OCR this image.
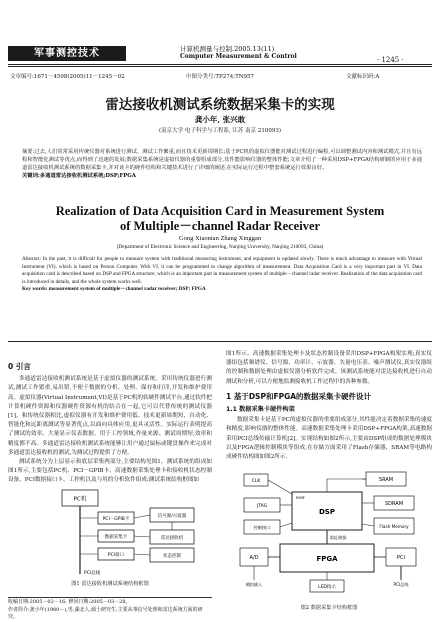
军事测控技术	计算机测量与控制.2005.13(11)
Computer Measurement & Control	· 1245 ·
文章编号:1671－4598(2005)11－1245－02	中图分类号:TP274;TN957	文献标识码:A
雷达接收机测试系统数据采集卡的实现
龚小年, 张兴敢
(南京大学 电子科学与工程系, 江苏 南京 210093)
摘要:过去,人们常常采用传统仪器对系统进行测试、测试工作繁重,而且技术更新周期长;基于PC机的虚拟仪器能对测试过程进行编程,可以调整测试内容和测试模式,并且有远程和智能化测试等优点,而得到了迅速的发展;数据采集系统是虚拟仪器的重要组成部分,其性能影响仪器的整体性能;文章介绍了一种采用DSP+FPGA结构研制的应用于多通道雷达接收机测试系统的数据采集卡,并对该卡的硬件结构和关键技术进行了详细的阐述,在实际运行过程中整套系统运行效果良好。
关键词:多通道雷达接收机测试系统;DSP;FPGA
Realization of Data Acquisition Card in Measurement System
of Multiple－channel Radar Receiver
Gong Xiaonian Zhang Xinggan
(Department of Electronic Science and Engineering, Nanjing University, Nanjing 210093, China)
Abstract: In the past, it is difficult for people to measure system with traditional measuring instrument, and equipment is updated slowly. There is much advantage to measure with Virtual Instrument (VI), which is based on Person Computer. With VI, it can be programmed to change algorithm of measurement. Data Acquisition Card is a very important part in VI. Data acquisition card is described based on DSP and FPGA structure, which is an important part in measurement system of multiple－channel radar receiver. Realization of the data acquisition card is introduced in details, and the whole system works well.
Key words: measurement system of multiple－channel radar receiver; DSP; FPGA
0 引言

多通道雷达接收机测试系统是基于虚拟仪器的测试系统。采用传统仪器进行测试,测试工作繁重,易出错,不便于数据的分析、处理、保存和打印,开发和维护费用高。虚拟仪器(Virtual Instrument,VI)是基于PC机的软硬件测试平台,通过软件把计算机硬件资源和仪器硬件资源有机的结合在一起,它可以代替传统的测试仪器[1]。和传统仪器相比,虚拟仪器有开发和维护费用低、技术更新周期短、自动化、智能化和远距离测试等显著优点,以面向具体应用,更具灵活性。实际运行表明提高了测试的效率、大量显示仪表数据、用于工控领域,作量来源、测试周期短,效率和精度都不高。多通道雷达接收机测试系统能够让用户通过鼠标或键盘操作来完成对多通道雷达接收机的测试,为测试过程提供了方便。

测试系统分为上层显示和底层采集两部分,主要结构见图1。测试系统的组成如图1所示,主要包括PC机、PCI－GPIB卡、高速数据采集处理卡和接收机状态控制设备、PCI数据接口卡、工控机以及与用的分析软件组成;测试系统结构框图如

PC机
PCI总线
PCI－GPIB卡
数据采集卡
PCI接口
信号源/示波器
雷达接收机
状态控制
图1 雷达接收机测试系统结构框图
收稿日期:2005－02－16; 修回日期:2005－03－28。
作者简介:龚小年(1980－),男,湖北人,硕士研究生,主要从事信号处理和雷达系统方面的研究。

图1所示。高速数据采集处理卡及状态控制设备采用DSP+FPGA构架实现;真实仪器组包括频谱仪、信号源、功率计、示波器、矢量电压表、噪声测试仪,真实仪器组的控制和数据处理由虚拟仪器分析软件完成。该测试系统能对雷达接收机进行自动测试和分析,可以方便地监测接收机工作过程中的各种参数。

1 基于DSP和FPGA的数据采集卡硬件设计
1.1 数据采集卡硬件构架

数据采集卡是基于PC的虚拟仪器的重要组成部分,其性能决定着数据采集的速度和精度,影响仪器的整体性能。高速数据采集处理卡采用DSP+FPGA构架,高速数据采用PCI总线传输计算机[2]。实现结构如图2所示,主要由DSP组成的数据处理模块以及FPGA逻辑控制模块等组成,在存储方面采用了Flash存储器、SRAM等电路构成硬件结构图如图2所示。

CLK	SRAM
DSP
EMIF
SDRAM
Flash Memory
JTAG
控制接口
地址/数据
FPGA	PCI
PCI总线
A/D
模拟输入
LED指示
图2 数据采集卡结构框图
